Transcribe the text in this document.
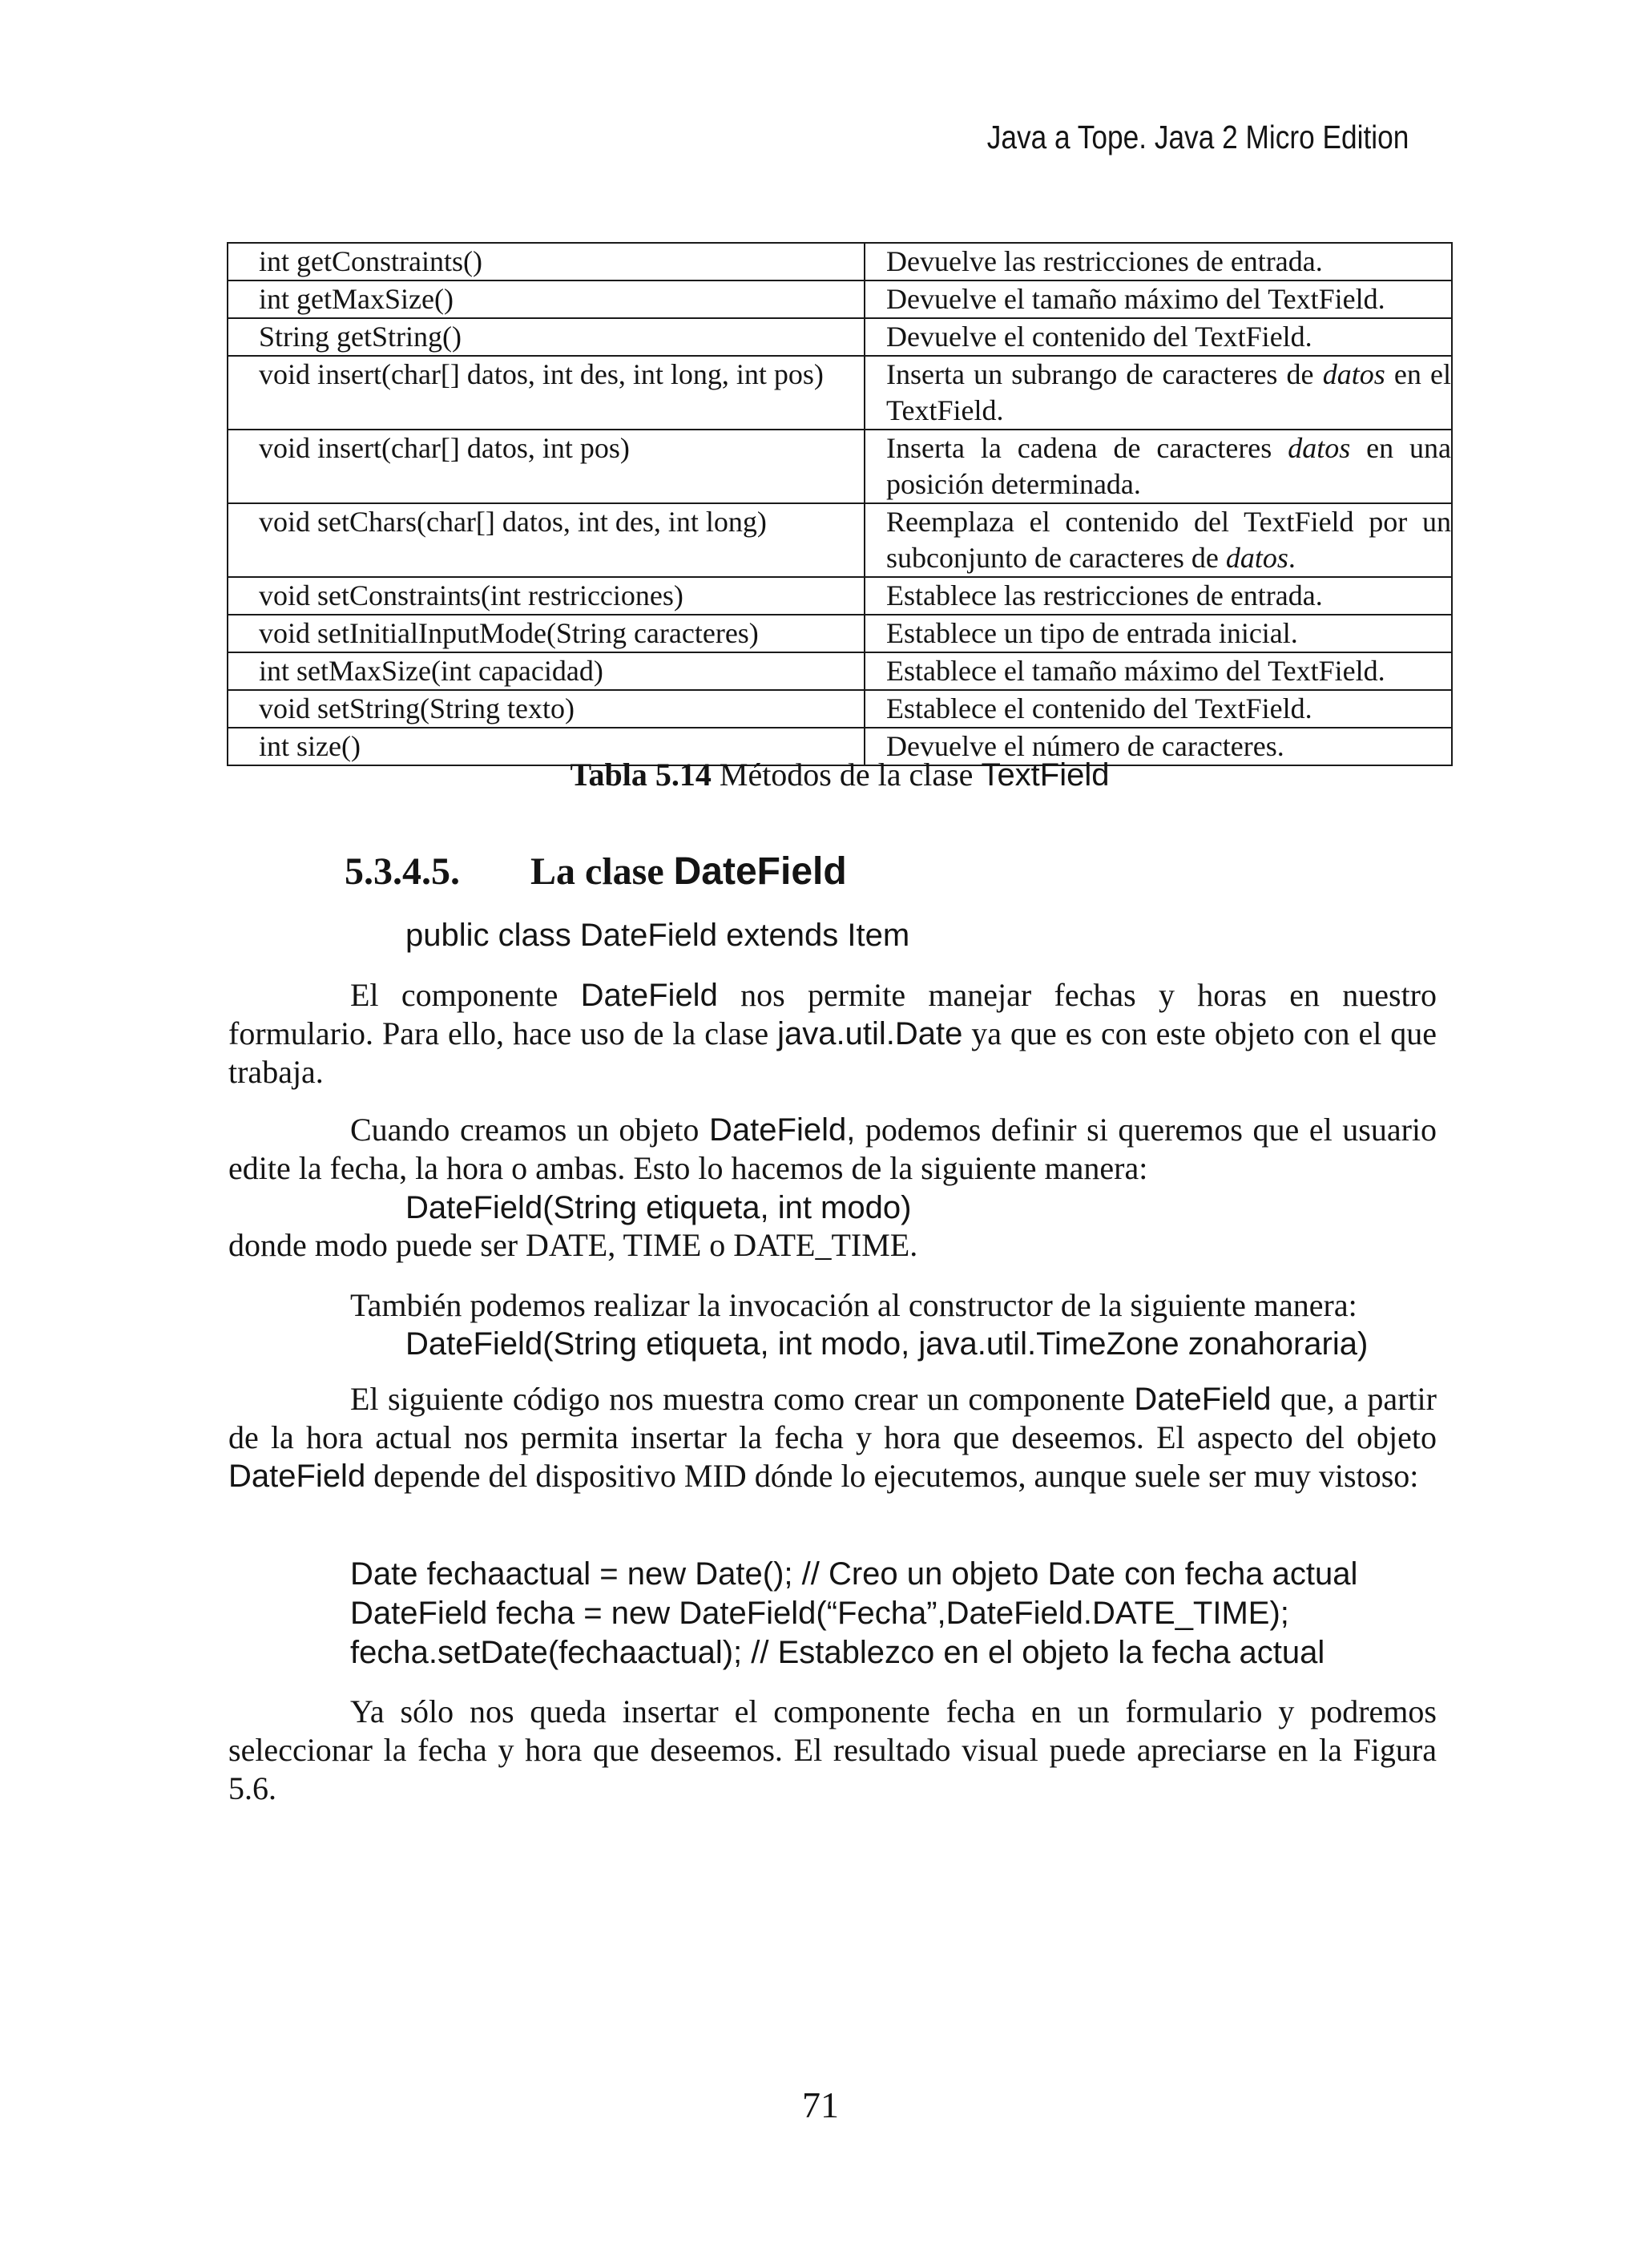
Java a Tope. Java 2 Micro Edition
int getConstraints()	Devuelve las restricciones de entrada.
int getMaxSize()	Devuelve el tamaño máximo del TextField.
String getString()	Devuelve el contenido del TextField.
void insert(char[] datos, int des, int long, int pos)	Inserta un subrango de caracteres de datos en el TextField.
void insert(char[] datos, int pos)	Inserta la cadena de caracteres datos en una posición determinada.
void setChars(char[] datos, int des, int long)	Reemplaza el contenido del TextField por un subconjunto de caracteres de datos.
void setConstraints(int restricciones)	Establece las restricciones de entrada.
void setInitialInputMode(String caracteres)	Establece un tipo de entrada inicial.
int setMaxSize(int capacidad)	Establece el tamaño máximo del TextField.
void setString(String texto)	Establece el contenido del TextField.
int size()	Devuelve el número de caracteres.
Tabla 5.14 Métodos de la clase TextField
5.3.4.5. La clase DateField
public class DateField extends Item
El componente DateField nos permite manejar fechas y horas en nuestro formulario. Para ello, hace uso de la clase java.util.Date ya que es con este objeto con el que trabaja.
Cuando creamos un objeto DateField, podemos definir si queremos que el usuario edite la fecha, la hora o ambas. Esto lo hacemos de la siguiente manera:
DateField(String etiqueta, int modo)
donde modo puede ser DATE, TIME o DATE_TIME.
También podemos realizar la invocación al constructor de la siguiente manera:
DateField(String etiqueta, int modo, java.util.TimeZone zonahoraria)
El siguiente código nos muestra como crear un componente DateField que, a partir de la hora actual nos permita insertar la fecha y hora que deseemos. El aspecto del objeto DateField depende del dispositivo MID dónde lo ejecutemos, aunque suele ser muy vistoso:
Date fechaactual = new Date(); // Creo un objeto Date con fecha actual
DateField fecha = new DateField(“Fecha”,DateField.DATE_TIME);
fecha.setDate(fechaactual); // Establezco en el objeto la fecha actual
Ya sólo nos queda insertar el componente fecha en un formulario y podremos seleccionar la fecha y hora que deseemos. El resultado visual puede apreciarse en la Figura 5.6.
71
